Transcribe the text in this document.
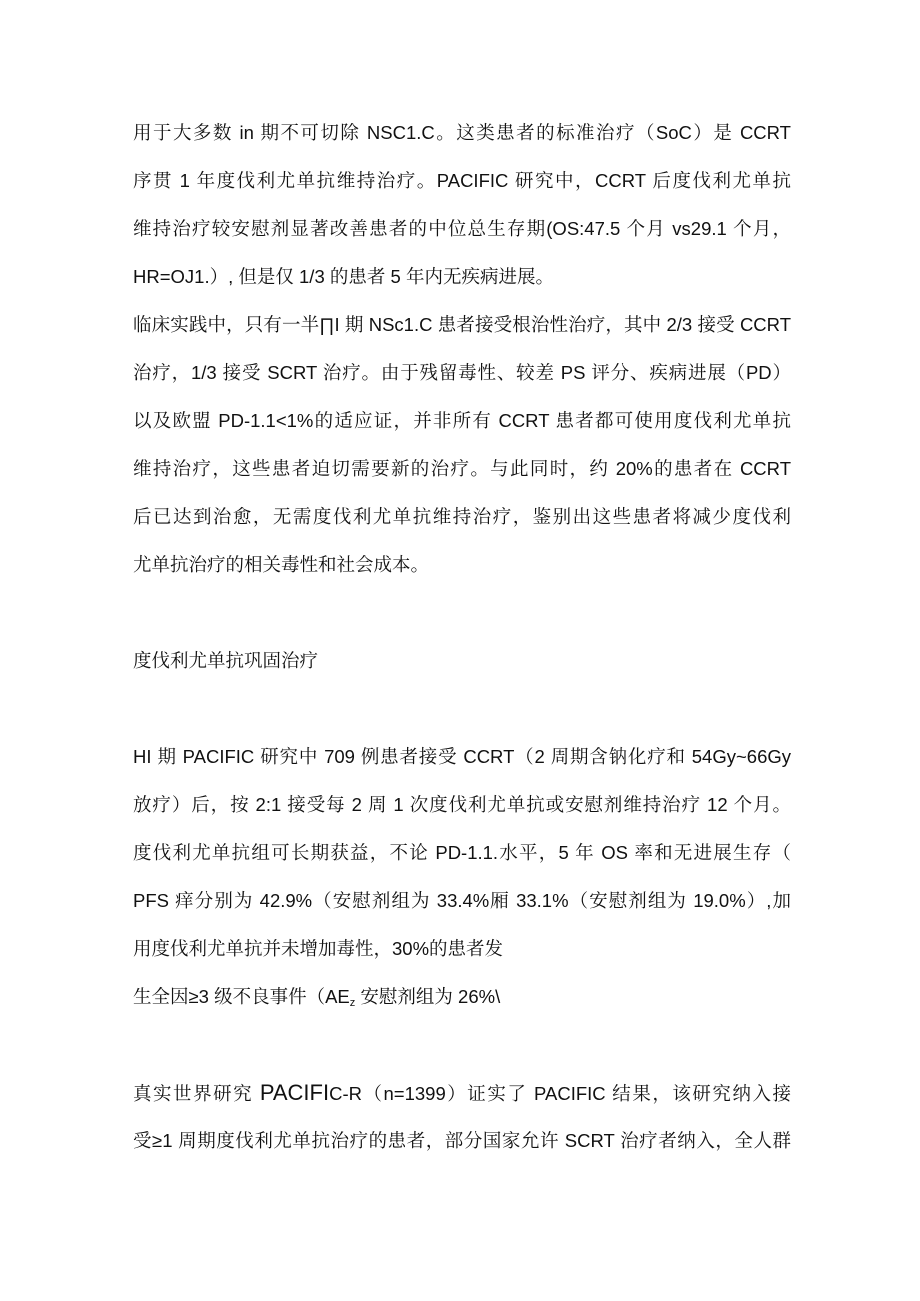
用于大多数 in 期不可切除 NSC1.C。这类患者的标准治疗（SoC）是 CCRT
序贯 1 年度伐利尤单抗维持治疗。PACIFIC 研究中，CCRT 后度伐利尤单抗
维持治疗较安慰剂显著改善患者的中位总生存期(OS:47.5 个月 vs29.1 个月，
HR=OJ1.）, 但是仅 1/3 的患者 5 年内无疾病进展。
临床实践中，只有一半∏I 期 NSc1.C 患者接受根治性治疗，其中 2/3 接受 CCRT
治疗，1/3 接受 SCRT 治疗。由于残留毒性、较差 PS 评分、疾病进展（PD）
以及欧盟 PD-1.1<1%的适应证，并非所有 CCRT 患者都可使用度伐利尤单抗
维持治疗，这些患者迫切需要新的治疗。与此同时，约 20%的患者在 CCRT
后已达到治愈，无需度伐利尤单抗维持治疗，鉴别出这些患者将减少度伐利
尤单抗治疗的相关毒性和社会成本。
度伐利尤单抗巩固治疗
HI 期 PACIFIC 研究中 709 例患者接受 CCRT（2 周期含钠化疗和 54Gy~66Gy
放疗）后，按 2:1 接受每 2 周 1 次度伐利尤单抗或安慰剂维持治疗 12 个月。
度伐利尤单抗组可长期获益，不论 PD-1.1.水平，5 年 OS 率和无进展生存（
PFS 痒分别为 42.9%（安慰剂组为 33.4%厢 33.1%（安慰剂组为 19.0%）,加
用度伐利尤单抗并未增加毒性，30%的患者发
生全因≥3 级不良事件（$AE_z$ 安慰剂组为 26%\
真实世界研究 PACIFIC-R（n=1399）证实了 PACIFIC 结果，该研究纳入接
受≥1 周期度伐利尤单抗治疗的患者，部分国家允许 SCRT 治疗者纳入，全人群
